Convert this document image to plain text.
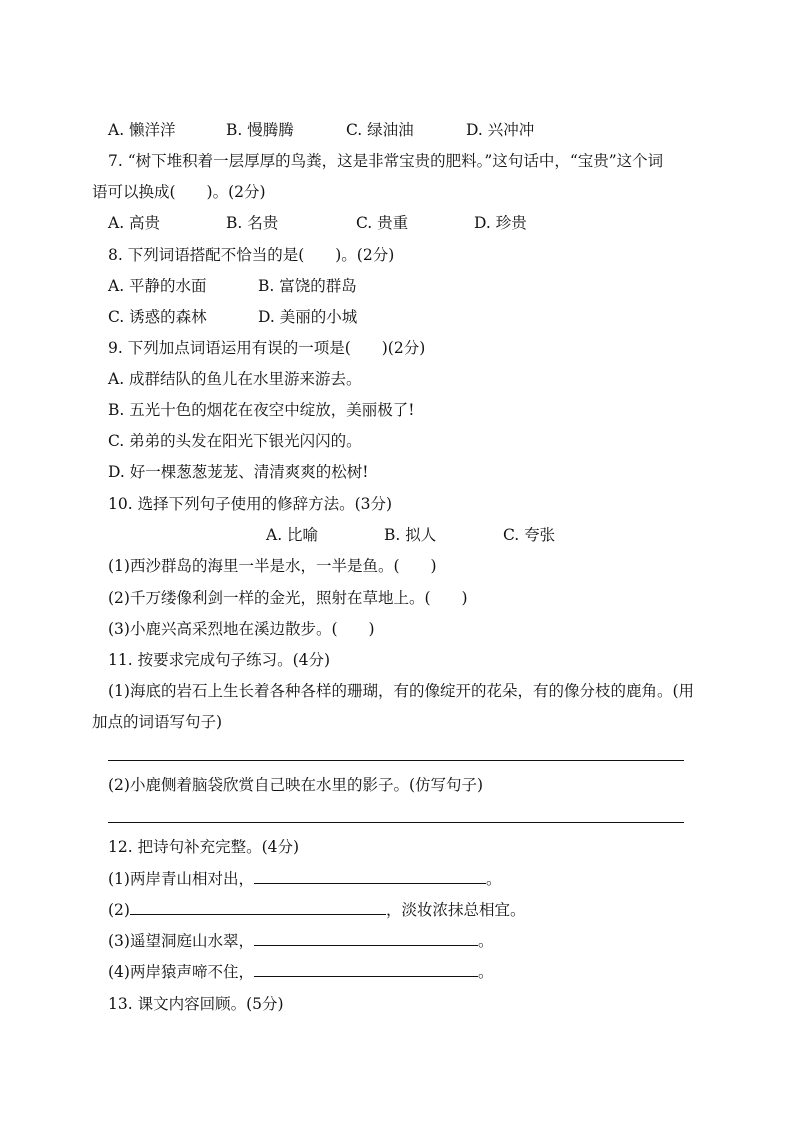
A. 懒洋洋	B. 慢腾腾	C. 绿油油	D. 兴冲冲
7. “树下堆积着一层厚厚的鸟粪，这是非常宝贵的肥料。”这句话中，“宝贵”这个词
语可以换成(　　)。(2分)
A. 高贵	B. 名贵	C. 贵重	D. 珍贵
8. 下列词语搭配不恰当的是(　　)。(2分)
A. 平静的水面	B. 富饶的群岛
C. 诱惑的森林	D. 美丽的小城
9. 下列加点词语运用有误的一项是(　　)(2分)
A. 成群结队的鱼儿在水里游来游去。
B. 五光十色的烟花在夜空中绽放，美丽极了!
C. 弟弟的头发在阳光下银光闪闪的。
D. 好一棵葱葱茏茏、清清爽爽的松树!
10. 选择下列句子使用的修辞方法。(3分)
A. 比喻	B. 拟人	C. 夸张
(1)西沙群岛的海里一半是水，一半是鱼。(　　)
(2)千万缕像利剑一样的金光，照射在草地上。(　　)
(3)小鹿兴高采烈地在溪边散步。(　　)
11. 按要求完成句子练习。(4分)
(1)海底的岩石上生长着各种各样的珊瑚，有的像绽开的花朵，有的像分枝的鹿角。(用
加点的词语写句子)
(2)小鹿侧着脑袋欣赏自己映在水里的影子。(仿写句子)
12. 把诗句补充完整。(4分)
(1)两岸青山相对出，	。
(2)	，淡妆浓抹总相宜。
(3)遥望洞庭山水翠，	。
(4)两岸猿声啼不住，	。
13. 课文内容回顾。(5分)
